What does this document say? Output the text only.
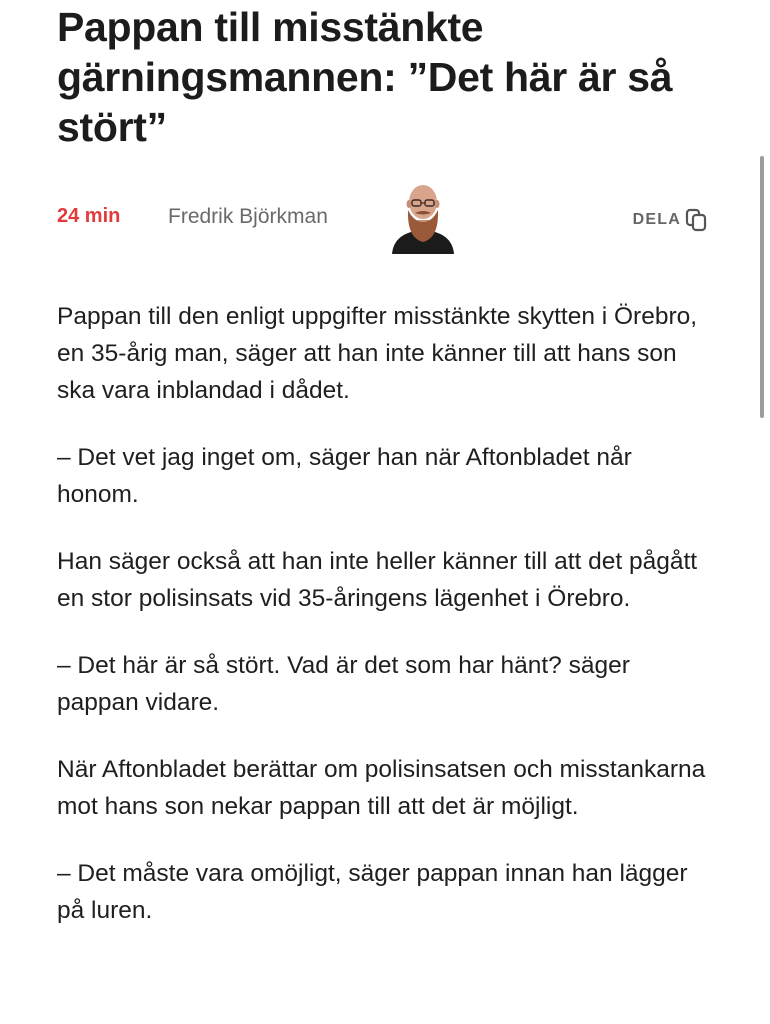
Pappan till misstänkte gärningsmannen: ”Det här är så stört”
24 min Fredrik Björkman	DELA

Pappan till den enligt uppgifter misstänkte skytten i Örebro, en 35-årig man, säger att han inte känner till att hans son ska vara inblandad i dådet.

– Det vet jag inget om, säger han när Aftonbladet når honom.

Han säger också att han inte heller känner till att det pågått en stor polisinsats vid 35-åringens lägenhet i Örebro.

– Det här är så stört. Vad är det som har hänt? säger pappan vidare.

När Aftonbladet berättar om polisinsatsen och misstankarna mot hans son nekar pappan till att det är möjligt.

– Det måste vara omöjligt, säger pappan innan han lägger på luren.
